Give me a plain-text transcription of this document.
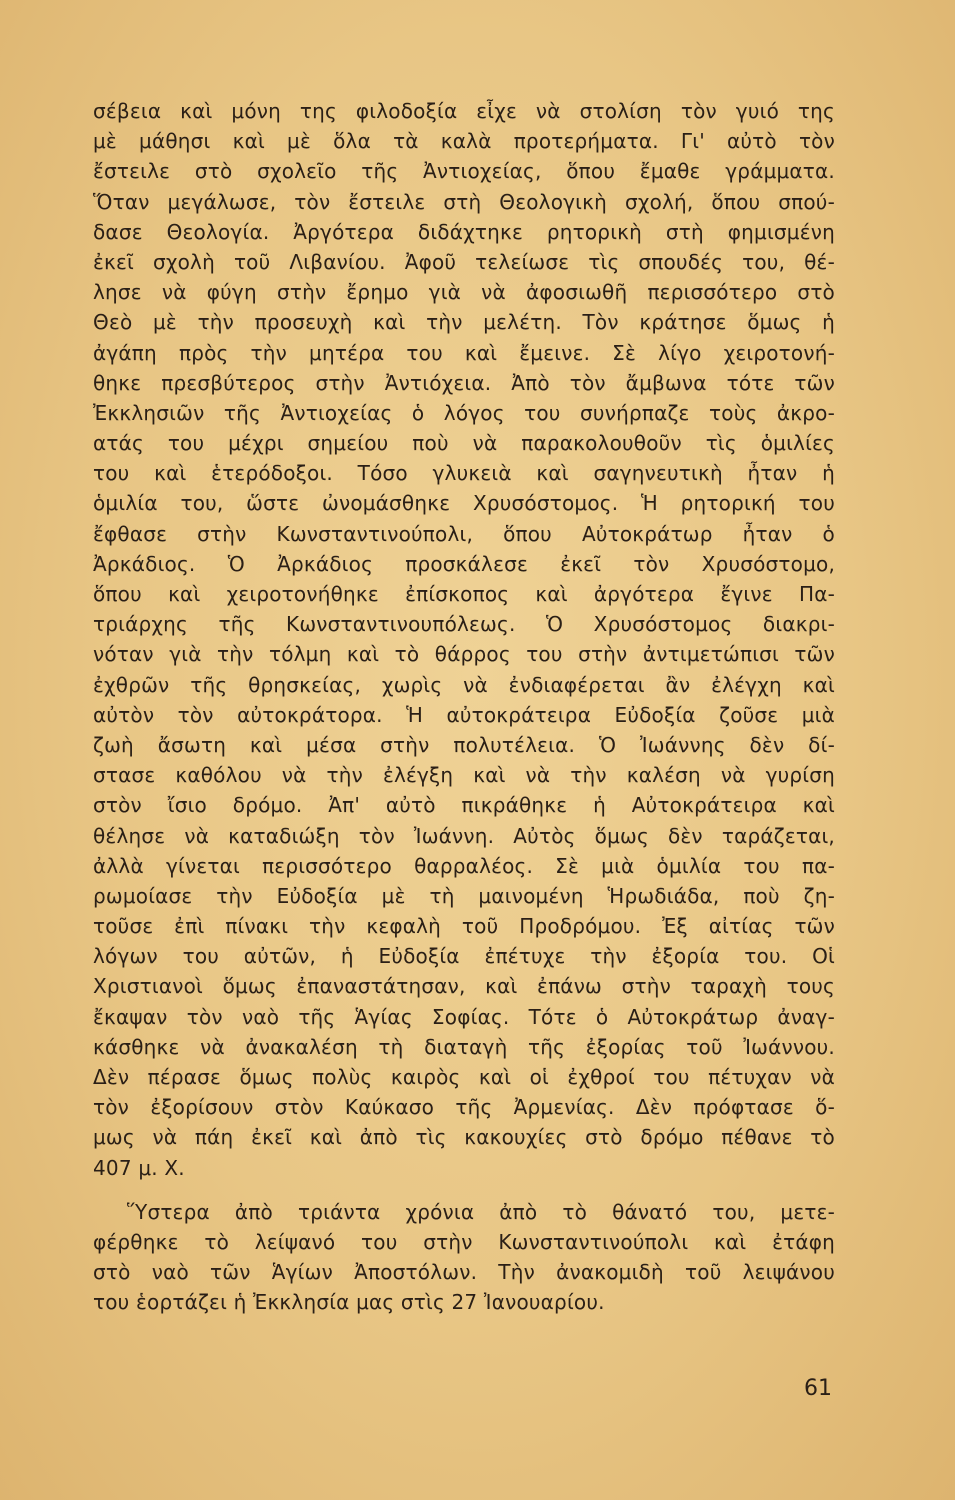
σέβεια καὶ μόνη της φιλοδοξία εἶχε νὰ στολίση τὸν γυιό της
μὲ μάθησι καὶ μὲ ὅλα τὰ καλὰ προτερήματα. Γι' αὐτὸ τὸν
ἔστειλε στὸ σχολεῖο τῆς Ἀντιοχείας, ὅπου ἔμαθε γράμματα.
Ὅταν μεγάλωσε, τὸν ἔστειλε στὴ Θεολογικὴ σχολή, ὅπου σπού-
δασε Θεολογία. Ἀργότερα διδάχτηκε ρητορικὴ στὴ φημισμένη
ἐκεῖ σχολὴ τοῦ Λιβανίου. Ἀφοῦ τελείωσε τὶς σπουδές του, θέ-
λησε νὰ φύγη στὴν ἔρημο γιὰ νὰ ἀφοσιωθῆ περισσότερο στὸ
Θεὸ μὲ τὴν προσευχὴ καὶ τὴν μελέτη. Τὸν κράτησε ὅμως ἡ
ἀγάπη πρὸς τὴν μητέρα του καὶ ἔμεινε. Σὲ λίγο χειροτονή-
θηκε πρεσβύτερος στὴν Ἀντιόχεια. Ἀπὸ τὸν ἄμβωνα τότε τῶν
Ἐκκλησιῶν τῆς Ἀντιοχείας ὁ λόγος του συνήρπαζε τοὺς ἀκρο-
ατάς του μέχρι σημείου ποὺ νὰ παρακολουθοῦν τὶς ὁμιλίες
του καὶ ἑτερόδοξοι. Τόσο γλυκειὰ καὶ σαγηνευτικὴ ἦταν ἡ
ὁμιλία του, ὥστε ὠνομάσθηκε Χρυσόστομος. Ἡ ρητορική του
ἔφθασε στὴν Κωνσταντινούπολι, ὅπου Αὐτοκράτωρ ἦταν ὁ
Ἀρκάδιος. Ὁ Ἀρκάδιος προσκάλεσε ἐκεῖ τὸν Χρυσόστομο,
ὅπου καὶ χειροτονήθηκε ἐπίσκοπος καὶ ἀργότερα ἔγινε Πα-
τριάρχης τῆς Κωνσταντινουπόλεως. Ὁ Χρυσόστομος διακρι-
νόταν γιὰ τὴν τόλμη καὶ τὸ θάρρος του στὴν ἀντιμετώπισι τῶν
ἐχθρῶν τῆς θρησκείας, χωρὶς νὰ ἐνδιαφέρεται ἂν ἐλέγχη καὶ
αὐτὸν τὸν αὐτοκράτορα. Ἡ αὐτοκράτειρα Εὐδοξία ζοῦσε μιὰ
ζωὴ ἄσωτη καὶ μέσα στὴν πολυτέλεια. Ὁ Ἰωάννης δὲν δί-
στασε καθόλου νὰ τὴν ἐλέγξη καὶ νὰ τὴν καλέση νὰ γυρίση
στὸν ἴσιο δρόμο. Ἀπ' αὐτὸ πικράθηκε ἡ Αὐτοκράτειρα καὶ
θέλησε νὰ καταδιώξη τὸν Ἰωάννη. Αὐτὸς ὅμως δὲν ταράζεται,
ἀλλὰ γίνεται περισσότερο θαρραλέος. Σὲ μιὰ ὁμιλία του πα-
ρωμοίασε τὴν Εὐδοξία μὲ τὴ μαινομένη Ἡρωδιάδα, ποὺ ζη-
τοῦσε ἐπὶ πίνακι τὴν κεφαλὴ τοῦ Προδρόμου. Ἐξ αἰτίας τῶν
λόγων του αὐτῶν, ἡ Εὐδοξία ἐπέτυχε τὴν ἐξορία του. Οἱ
Χριστιανοὶ ὅμως ἐπαναστάτησαν, καὶ ἐπάνω στὴν ταραχὴ τους
ἔκαψαν τὸν ναὸ τῆς Ἁγίας Σοφίας. Τότε ὁ Αὐτοκράτωρ ἀναγ-
κάσθηκε νὰ ἀνακαλέση τὴ διαταγὴ τῆς ἐξορίας τοῦ Ἰωάννου.
Δὲν πέρασε ὅμως πολὺς καιρὸς καὶ οἱ ἐχθροί του πέτυχαν νὰ
τὸν ἐξορίσουν στὸν Καύκασο τῆς Ἀρμενίας. Δὲν πρόφτασε ὅ-
μως νὰ πάη ἐκεῖ καὶ ἀπὸ τὶς κακουχίες στὸ δρόμο πέθανε τὸ
407 μ. Χ.
Ὕστερα ἀπὸ τριάντα χρόνια ἀπὸ τὸ θάνατό του, μετε-
φέρθηκε τὸ λείψανό του στὴν Κωνσταντινούπολι καὶ ἐτάφη
στὸ ναὸ τῶν Ἁγίων Ἀποστόλων. Τὴν ἀνακομιδὴ τοῦ λειψάνου
του ἑορτάζει ἡ Ἐκκλησία μας στὶς 27 Ἰανουαρίου.
61
